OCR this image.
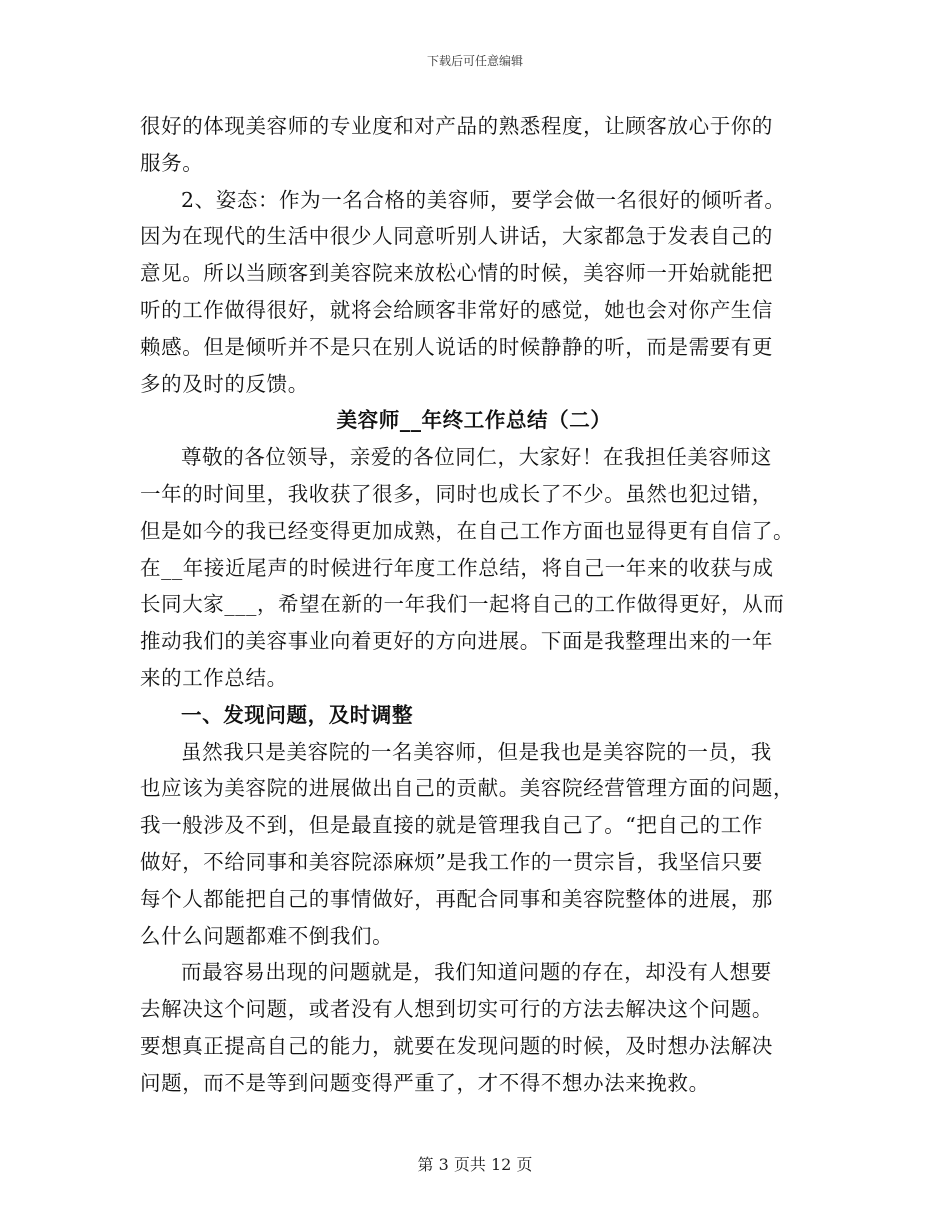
下载后可任意编辑
很好的体现美容师的专业度和对产品的熟悉程度，让顾客放心于你的
服务。
2、姿态：作为一名合格的美容师，要学会做一名很好的倾听者。
因为在现代的生活中很少人同意听别人讲话，大家都急于发表自己的
意见。所以当顾客到美容院来放松心情的时候，美容师一开始就能把
听的工作做得很好，就将会给顾客非常好的感觉，她也会对你产生信
赖感。但是倾听并不是只在别人说话的时候静静的听，而是需要有更
多的及时的反馈。
美容师__年终工作总结（二）
尊敬的各位领导，亲爱的各位同仁，大家好！在我担任美容师这
一年的时间里，我收获了很多，同时也成长了不少。虽然也犯过错，
但是如今的我已经变得更加成熟，在自己工作方面也显得更有自信了。
在__年接近尾声的时候进行年度工作总结，将自己一年来的收获与成
长同大家___，希望在新的一年我们一起将自己的工作做得更好，从而
推动我们的美容事业向着更好的方向进展。下面是我整理出来的一年
来的工作总结。
一、发现问题，及时调整
虽然我只是美容院的一名美容师，但是我也是美容院的一员，我
也应该为美容院的进展做出自己的贡献。美容院经营管理方面的问题，
我一般涉及不到，但是最直接的就是管理我自己了。“把自己的工作
做好，不给同事和美容院添麻烦”是我工作的一贯宗旨，我坚信只要
每个人都能把自己的事情做好，再配合同事和美容院整体的进展，那
么什么问题都难不倒我们。
而最容易出现的问题就是，我们知道问题的存在，却没有人想要
去解决这个问题，或者没有人想到切实可行的方法去解决这个问题。
要想真正提高自己的能力，就要在发现问题的时候，及时想办法解决
问题，而不是等到问题变得严重了，才不得不想办法来挽救。
第 3 页共 12 页
